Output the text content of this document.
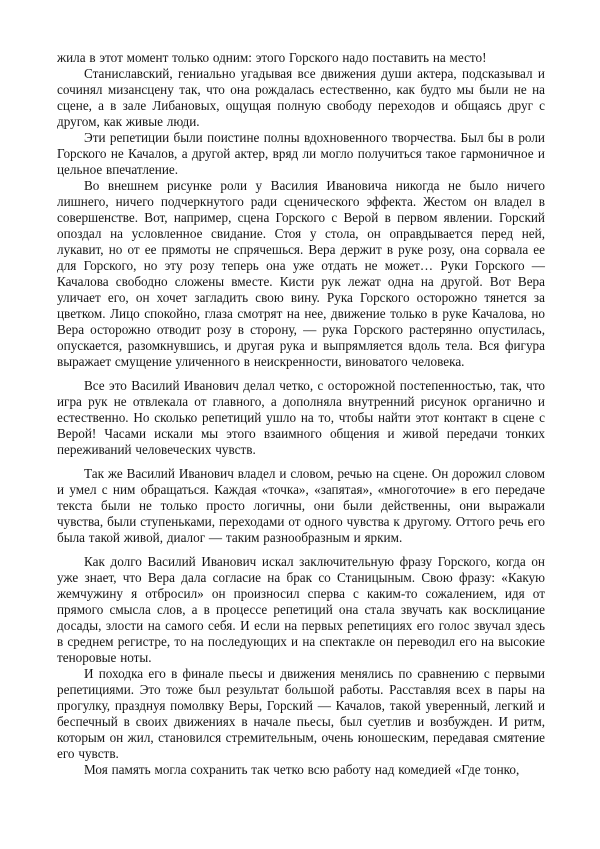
жила в этот момент только одним: этого Горского надо поставить на место!

Станиславский, гениально угадывая все движения души актера, подсказывал и сочинял мизансцену так, что она рождалась естественно, как будто мы были не на сцене, а в зале Либановых, ощущая полную свободу переходов и общаясь друг с другом, как живые люди.

Эти репетиции были поистине полны вдохновенного творчества. Был бы в роли Горского не Качалов, а другой актер, вряд ли могло получиться такое гармоничное и цельное впечатление.

Во внешнем рисунке роли у Василия Ивановича никогда не было ничего лишнего, ничего подчеркнутого ради сценического эффекта. Жестом он владел в совершенстве. Вот, например, сцена Горского с Верой в первом явлении. Горский опоздал на условленное свидание. Стоя у стола, он оправдывается перед ней, лукавит, но от ее прямоты не спрячешься. Вера держит в руке розу, она сорвала ее для Горского, но эту розу теперь она уже отдать не может… Руки Горского — Качалова свободно сложены вместе. Кисти рук лежат одна на другой. Вот Вера уличает его, он хочет загладить свою вину. Рука Горского осторожно тянется за цветком. Лицо спокойно, глаза смотрят на нее, движение только в руке Качалова, но Вера осторожно отводит розу в сторону, — рука Горского растерянно опустилась, опускается, разомкнувшись, и другая рука и выпрямляется вдоль тела. Вся фигура выражает смущение уличенного в неискренности, виноватого человека.

Все это Василий Иванович делал четко, с осторожной постепенностью, так, что игра рук не отвлекала от главного, а дополняла внутренний рисунок органично и естественно. Но сколько репетиций ушло на то, чтобы найти этот контакт в сцене с Верой! Часами искали мы этого взаимного общения и живой передачи тонких переживаний человеческих чувств.

Так же Василий Иванович владел и словом, речью на сцене. Он дорожил словом и умел с ним обращаться. Каждая «точка», «запятая», «многоточие» в его передаче текста были не только просто логичны, они были действенны, они выражали чувства, были ступеньками, переходами от одного чувства к другому. Оттого речь его была такой живой, диалог — таким разнообразным и ярким.

Как долго Василий Иванович искал заключительную фразу Горского, когда он уже знает, что Вера дала согласие на брак со Станицыным. Свою фразу: «Какую жемчужину я отбросил» он произносил сперва с каким-то сожалением, идя от прямого смысла слов, а в процессе репетиций она стала звучать как восклицание досады, злости на самого себя. И если на первых репетициях его голос звучал здесь в среднем регистре, то на последующих и на спектакле он переводил его на высокие теноровые ноты.

И походка его в финале пьесы и движения менялись по сравнению с первыми репетициями. Это тоже был результат большой работы. Расставляя всех в пары на прогулку, празднуя помолвку Веры, Горский — Качалов, такой уверенный, легкий и беспечный в своих движениях в начале пьесы, был суетлив и возбужден. И ритм, которым он жил, становился стремительным, очень юношеским, передавая смятение его чувств.

Моя память могла сохранить так четко всю работу над комедией «Где тонко,
